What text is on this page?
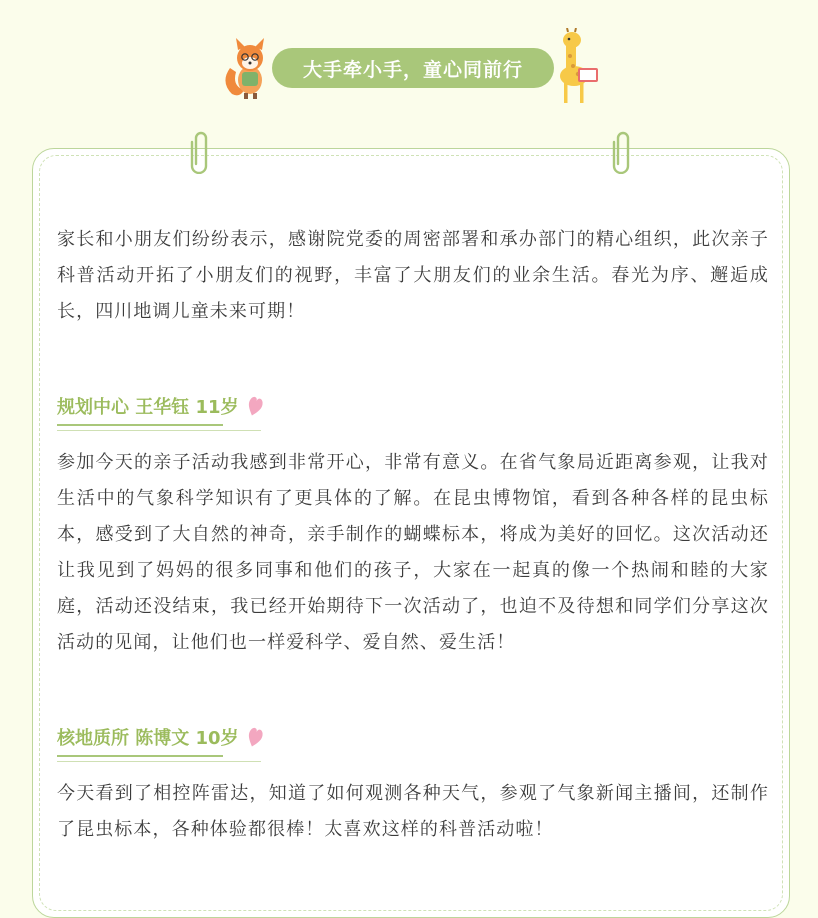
大手牵小手，童心同前行

家长和小朋友们纷纷表示，感谢院党委的周密部署和承办部门的精心组织，此次亲子科普活动开拓了小朋友们的视野，丰富了大朋友们的业余生活。春光为序、邂逅成长，四川地调儿童未来可期！

规划中心 王华钰 11岁

参加今天的亲子活动我感到非常开心，非常有意义。在省气象局近距离参观，让我对生活中的气象科学知识有了更具体的了解。在昆虫博物馆，看到各种各样的昆虫标本，感受到了大自然的神奇，亲手制作的蝴蝶标本，将成为美好的回忆。这次活动还让我见到了妈妈的很多同事和他们的孩子，大家在一起真的像一个热闹和睦的大家庭，活动还没结束，我已经开始期待下一次活动了，也迫不及待想和同学们分享这次活动的见闻，让他们也一样爱科学、爱自然、爱生活！

核地质所 陈博文 10岁

今天看到了相控阵雷达，知道了如何观测各种天气，参观了气象新闻主播间，还制作了昆虫标本，各种体验都很棒！太喜欢这样的科普活动啦！
